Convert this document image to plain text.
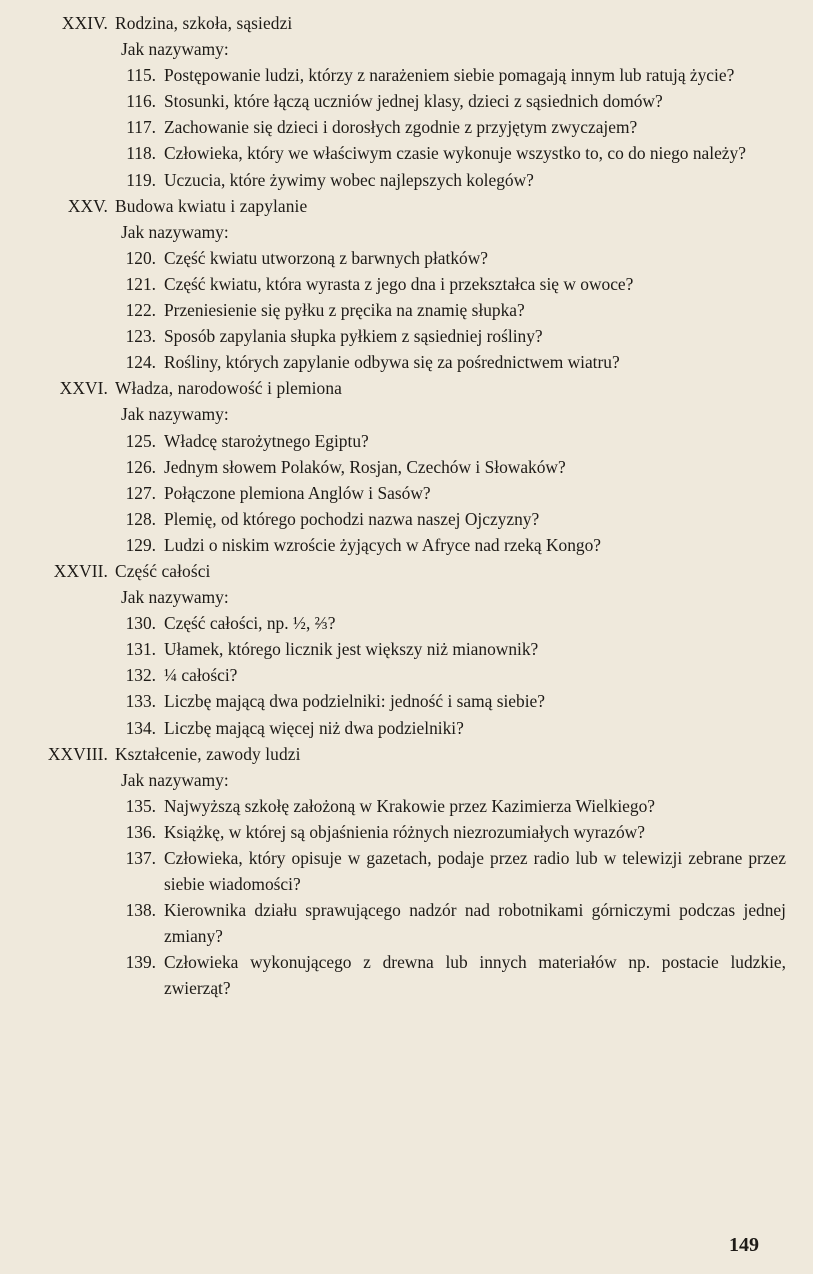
XXIV. Rodzina, szkoła, sąsiedzi
Jak nazywamy:
115. Postępowanie ludzi, którzy z narażeniem siebie pomagają innym lub ratują życie?
116. Stosunki, które łączą uczniów jednej klasy, dzieci z sąsiednich domów?
117. Zachowanie się dzieci i dorosłych zgodnie z przyjętym zwyczajem?
118. Człowieka, który we właściwym czasie wykonuje wszystko to, co do niego należy?
119. Uczucia, które żywimy wobec najlepszych kolegów?
XXV. Budowa kwiatu i zapylanie
Jak nazywamy:
120. Część kwiatu utworzoną z barwnych płatków?
121. Część kwiatu, która wyrasta z jego dna i przekształca się w owoce?
122. Przeniesienie się pyłku z pręcika na znamię słupka?
123. Sposób zapylania słupka pyłkiem z sąsiedniej rośliny?
124. Rośliny, których zapylanie odbywa się za pośrednictwem wiatru?
XXVI. Władza, narodowość i plemiona
Jak nazywamy:
125. Władcę starożytnego Egiptu?
126. Jednym słowem Polaków, Rosjan, Czechów i Słowaków?
127. Połączone plemiona Anglów i Sasów?
128. Plemię, od którego pochodzi nazwa naszej Ojczyzny?
129. Ludzi o niskim wzroście żyjących w Afryce nad rzeką Kongo?
XXVII. Część całości
Jak nazywamy:
130. Część całości, np. ½, ⅔?
131. Ułamek, którego licznik jest większy niż mianownik?
132. ¼ całości?
133. Liczbę mającą dwa podzielniki: jedność i samą siebie?
134. Liczbę mającą więcej niż dwa podzielniki?
XXVIII. Kształcenie, zawody ludzi
Jak nazywamy:
135. Najwyższą szkołę założoną w Krakowie przez Kazimierza Wielkiego?
136. Książkę, w której są objaśnienia różnych niezrozumiałych wyrazów?
137. Człowieka, który opisuje w gazetach, podaje przez radio lub w telewizji zebrane przez siebie wiadomości?
138. Kierownika działu sprawującego nadzór nad robotnikami górniczymi podczas jednej zmiany?
139. Człowieka wykonującego z drewna lub innych materiałów np. postacie ludzkie, zwierząt?
149
